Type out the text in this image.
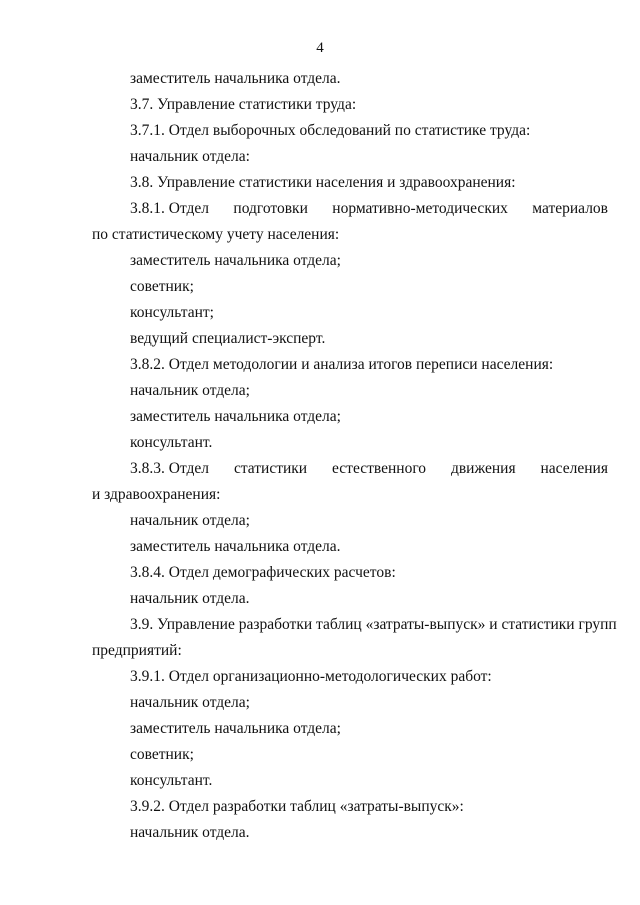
4
заместитель начальника отдела.
3.7. Управление статистики труда:
3.7.1. Отдел выборочных обследований по статистике труда:
начальник отдела:
3.8. Управление статистики населения и здравоохранения:
3.8.1. Отдел подготовки нормативно-методических материалов
по статистическому учету населения:
заместитель начальника отдела;
советник;
консультант;
ведущий специалист-эксперт.
3.8.2. Отдел методологии и анализа итогов переписи населения:
начальник отдела;
заместитель начальника отдела;
консультант.
3.8.3. Отдел статистики естественного движения населения
и здравоохранения:
начальник отдела;
заместитель начальника отдела.
3.8.4. Отдел демографических расчетов:
начальник отдела.
3.9. Управление разработки таблиц «затраты-выпуск» и статистики групп
предприятий:
3.9.1. Отдел организационно-методологических работ:
начальник отдела;
заместитель начальника отдела;
советник;
консультант.
3.9.2. Отдел разработки таблиц «затраты-выпуск»:
начальник отдела.
